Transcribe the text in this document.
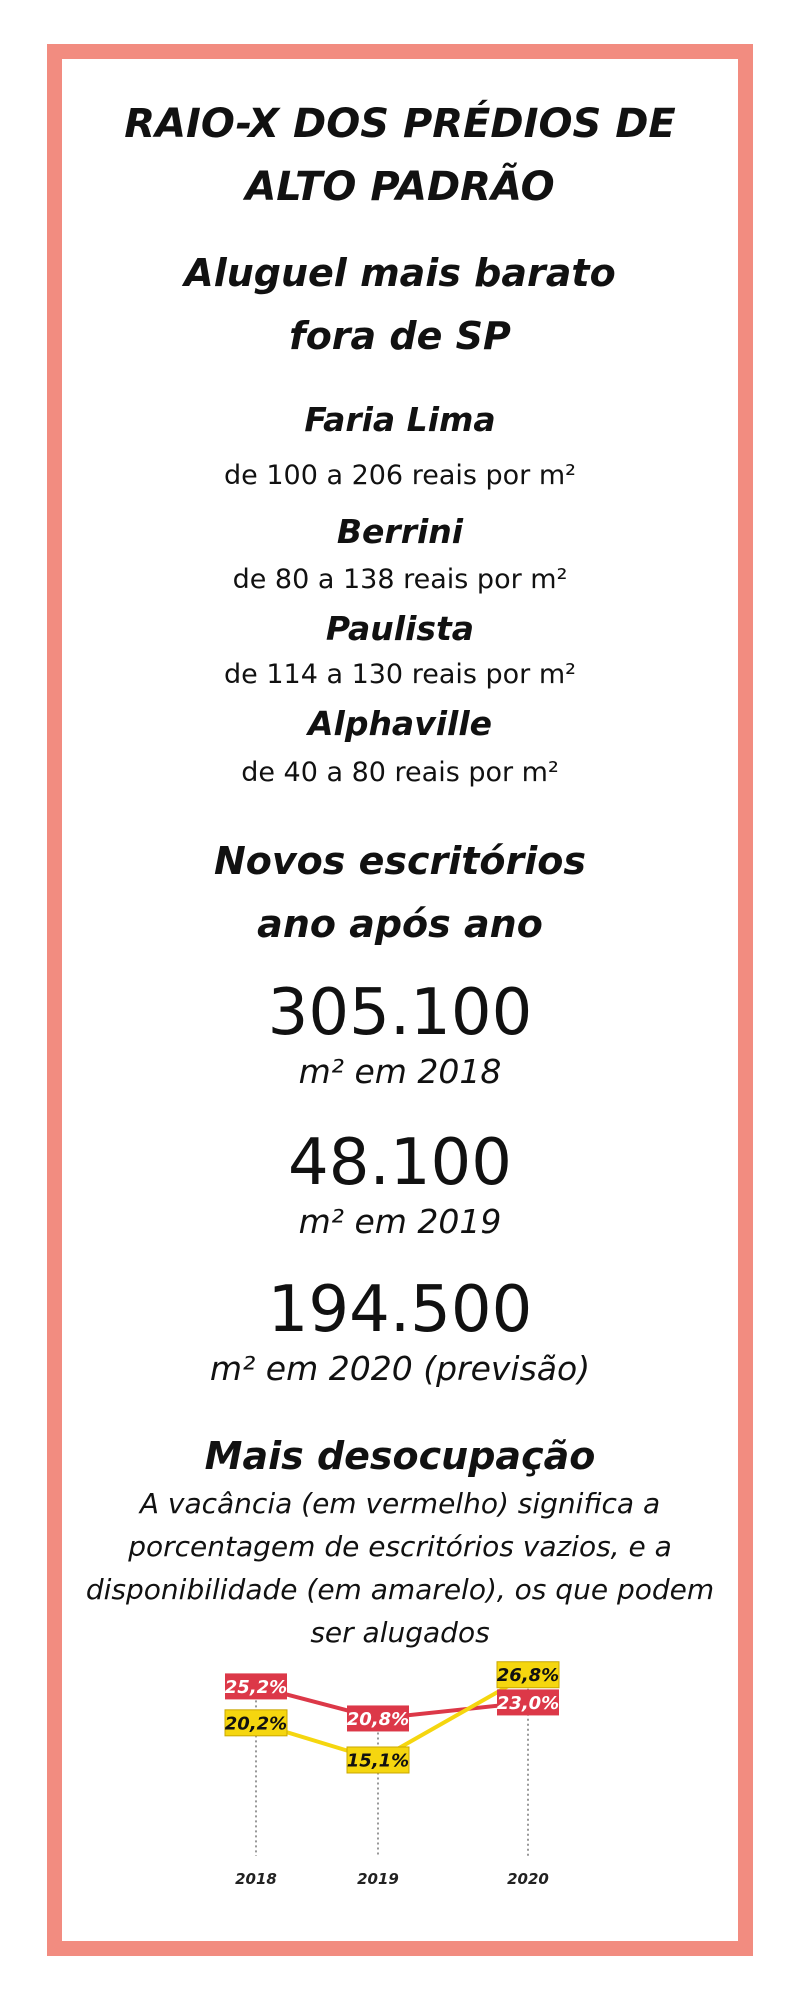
RAIO-X DOS PRÉDIOS DE
ALTO PADRÃO
Aluguel mais barato
fora de SP
Faria Lima
de 100 a 206 reais por m²
Berrini
de 80 a 138 reais por m²
Paulista
de 114 a 130 reais por m²
Alphaville
de 40 a 80 reais por m²
Novos escritórios
ano após ano
305.100
m² em 2018
48.100
m² em 2019
194.500
m² em 2020 (previsão)
Mais desocupação
A vacância (em vermelho) significa a
porcentagem de escritórios vazios, e a
disponibilidade (em amarelo), os que podem
ser alugados
2018	2019	2020
25,2%
20,8%
23,0%
20,2%
15,1%
26,8%
